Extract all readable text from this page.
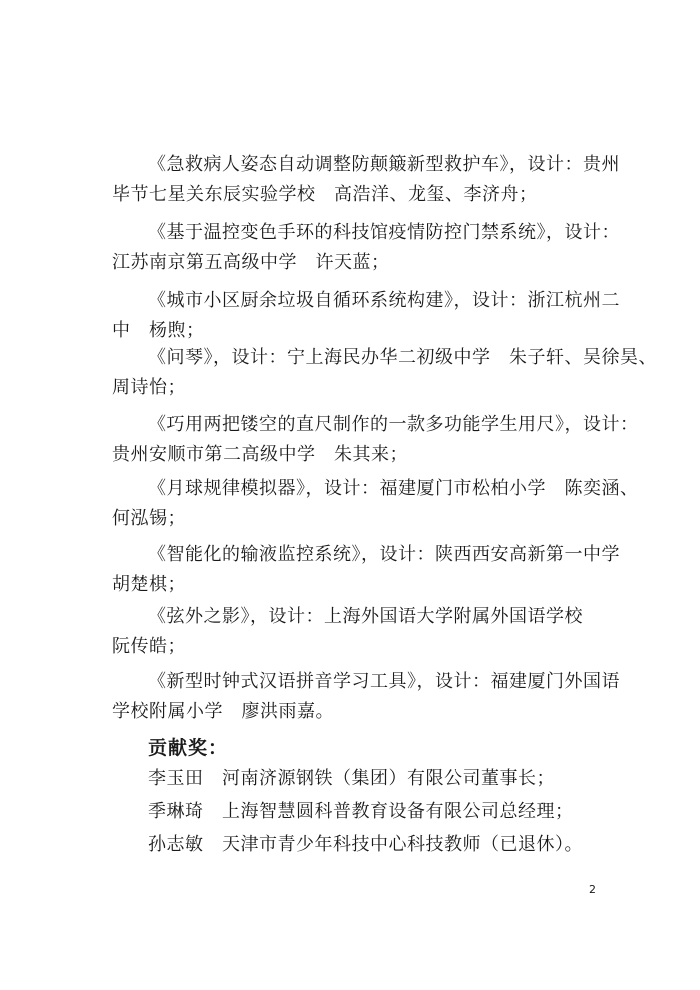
《急救病人姿态自动调整防颠簸新型救护车》，设计：贵州
毕节七星关东辰实验学校　高浩洋、龙玺、李济舟；
《基于温控变色手环的科技馆疫情防控门禁系统》，设计：
江苏南京第五高级中学　许天蓝；
《城市小区厨余垃圾自循环系统构建》，设计：浙江杭州二
中　杨煦；
《问琴》，设计：宁上海民办华二初级中学　朱子轩、吴徐昊、
周诗怡；
《巧用两把镂空的直尺制作的一款多功能学生用尺》，设计：
贵州安顺市第二高级中学　朱其来；
《月球规律模拟器》，设计：福建厦门市松柏小学　陈奕涵、
何泓锡；
《智能化的输液监控系统》，设计：陕西西安高新第一中学
胡楚棋；
《弦外之影》，设计：上海外国语大学附属外国语学校
阮传皓；
《新型时钟式汉语拼音学习工具》，设计：福建厦门外国语
学校附属小学　廖洪雨嘉。
贡献奖：
李玉田　河南济源钢铁（集团）有限公司董事长；
季琳琦　上海智慧圆科普教育设备有限公司总经理；
孙志敏　天津市青少年科技中心科技教师（已退休）。
2
